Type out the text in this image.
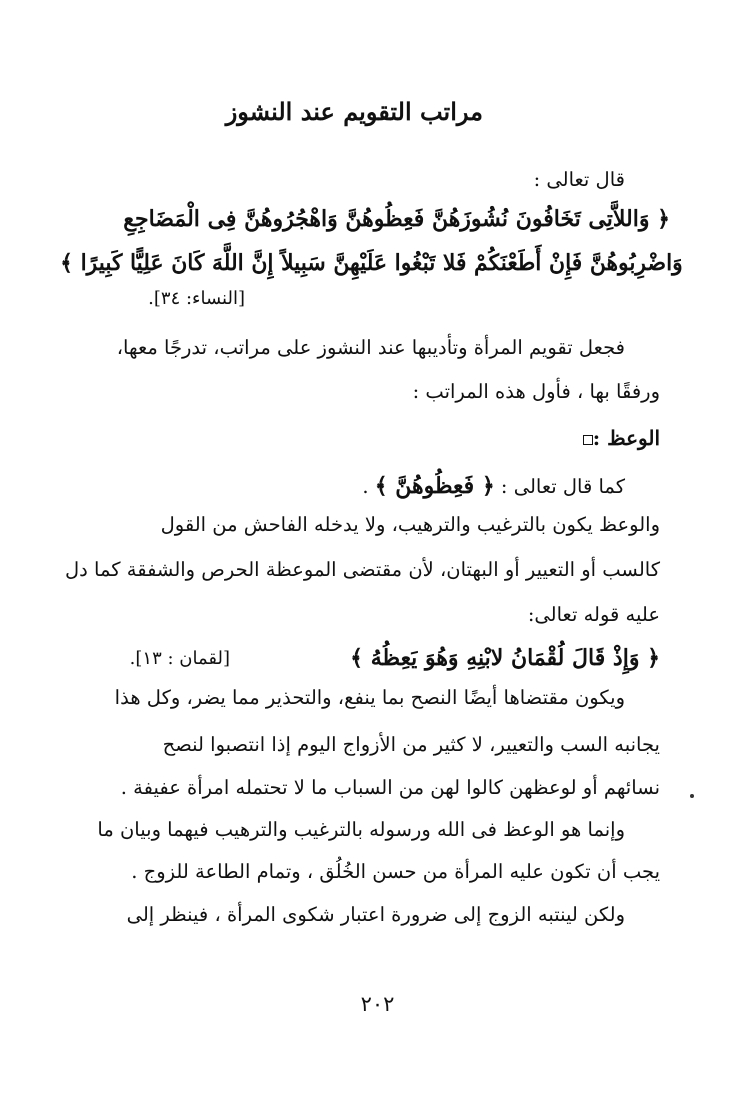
مراتب التقويم عند النشوز
قال تعالى :
﴿ وَاللاَّتِى تَخَافُونَ نُشُوزَهُنَّ فَعِظُوهُنَّ وَاهْجُرُوهُنَّ فِى الْمَضَاجِعِ
وَاضْرِبُوهُنَّ فَإِنْ أَطَعْنَكُمْ فَلا تَبْغُوا عَلَيْهِنَّ سَبِيلاً إِنَّ اللَّهَ كَانَ عَلِيًّا كَبِيرًا ﴾
[النساء: ٣٤].
فجعل تقويم المرأة وتأديبها عند النشوز على مراتب، تدرجًا معها،
ورفقًا بها ، فأول هذه المراتب :
الوعظ :
كما قال تعالى : ﴿ فَعِظُوهُنَّ ﴾ .
والوعظ يكون بالترغيب والترهيب، ولا يدخله الفاحش من القول
كالسب أو التعيير أو البهتان، لأن مقتضى الموعظة الحرص والشفقة كما دل
عليه قوله تعالى:
﴿ وَإِذْ قَالَ لُقْمَانُ لابْنِهِ وَهُوَ يَعِظُهُ ﴾
[لقمان : ١٣].
ويكون مقتضاها أيضًا النصح بما ينفع، والتحذير مما يضر، وكل هذا
يجانبه السب والتعيير، لا كثير من الأزواج اليوم إذا انتصبوا لنصح
نسائهم أو لوعظهن كالوا لهن من السباب ما لا تحتمله امرأة عفيفة .
وإنما هو الوعظ فى الله ورسوله بالترغيب والترهيب فيهما وبيان ما
يجب أن تكون عليه المرأة من حسن الخُلُق ، وتمام الطاعة للزوج .
ولكن لينتبه الزوج إلى ضرورة اعتبار شكوى المرأة ، فينظر إلى
٢٠٢
